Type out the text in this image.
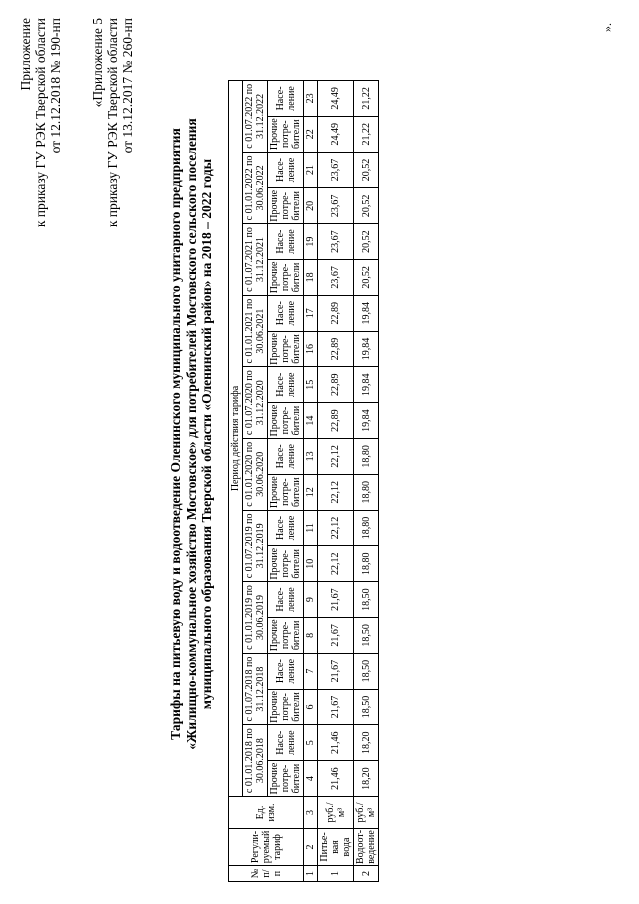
Приложение к приказу ГУ РЭК Тверской области от 12.12.2018 № 190-нп «Приложение 5 к приказу ГУ РЭК Тверской области от 13.12.2017 № 260-нп
Тарифы на питьевую воду и водоотведение Оленинского муниципального унитарного предприятия «Жилищно-коммунальное хозяйство Мостовское» для потребителей Мостовского сельского поселения муниципального образования Тверской области «Оленинский район» на 2018 – 2022 годы
№ п/ п	Регули-руемый тариф	Ед. изм.	Период действия тарифа																			
			с 01.01.2018 по 30.06.2018		с 01.07.2018 по 31.12.2018		с 01.01.2019 по 30.06.2019		с 01.07.2019 по 31.12.2019		с 01.01.2020 по 30.06.2020		с 01.07.2020 по 31.12.2020		с 01.01.2021 по 30.06.2021		с 01.07.2021 по 31.12.2021		с 01.01.2022 по 30.06.2022		с 01.07.2022 по 31.12.2022	
			Прочие потре-бители	Насе-ление	Прочие потре-бители	Насе-ление	Прочие потре-бители	Насе-ление	Прочие потре-бители	Насе-ление	Прочие потре-бители	Насе-ление	Прочие потре-бители	Насе-ление	Прочие потре-бители	Насе-ление	Прочие потре-бители	Насе-ление	Прочие потре-бители	Насе-ление	Прочие потре-бители	Насе-ление
1	2	3	4	5	6	7	8	9	10	11	12	13	14	15	16	17	18	19	20	21	22	23
1	Питье-вая вода	руб./м³	21,46	21,46	21,67	21,67	21,67	21,67	22,12	22,12	22,12	22,12	22,89	22,89	22,89	22,89	23,67	23,67	23,67	23,67	24,49	24,49
2	Водоот-ведение	руб./м³	18,20	18,20	18,50	18,50	18,50	18,50	18,80	18,80	18,80	18,80	19,84	19,84	19,84	19,84	20,52	20,52	20,52	20,52	21,22	21,22
».
